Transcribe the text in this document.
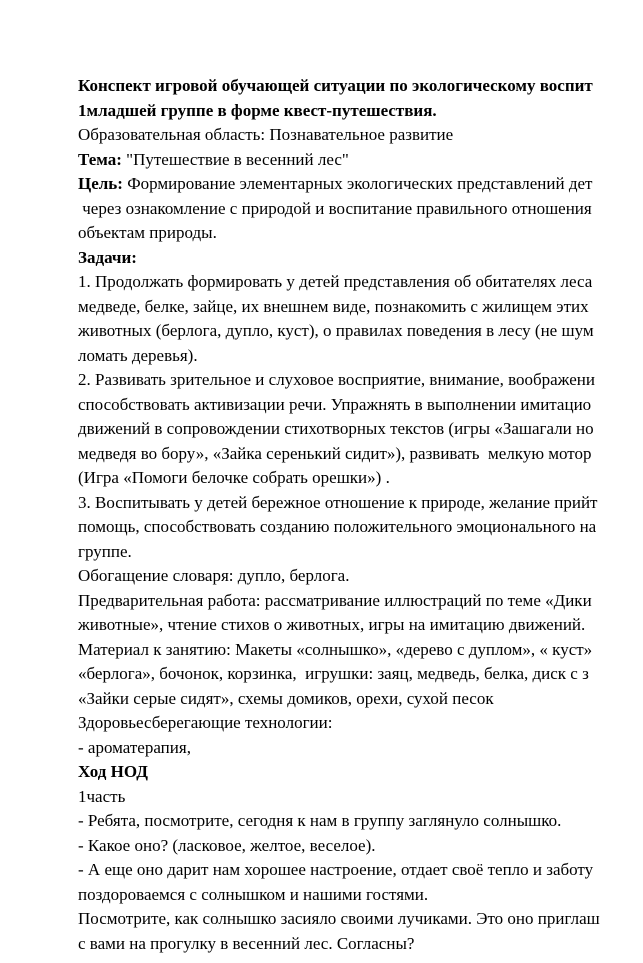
Конспект игровой обучающей ситуации по экологическому воспит
1младшей группе в форме квест-путешествия.
Образовательная область: Познавательное развитие
Тема: "Путешествие в весенний лес"
Цель: Формирование элементарных экологических представлений дет
через ознакомление с природой и воспитание правильного отношения
объектам природы.
Задачи:
1. Продолжать формировать у детей представления об обитателях леса
медведе, белке, зайце, их внешнем виде, познакомить с жилищем этих
животных (берлога, дупло, куст), о правилах поведения в лесу (не шум
ломать деревья).
2. Развивать зрительное и слуховое восприятие, внимание, воображени
способствовать активизации речи. Упражнять в выполнении имитацио
движений в сопровождении стихотворных текстов (игры «Зашагали но
медведя во бору», «Зайка серенький сидит»), развивать  мелкую мотор
(Игра «Помоги белочке собрать орешки») .
3. Воспитывать у детей бережное отношение к природе, желание прийт
помощь, способствовать созданию положительного эмоционального на
группе.
Обогащение словаря: дупло, берлога.
Предварительная работа: рассматривание иллюстраций по теме «Дики
животные», чтение стихов о животных, игры на имитацию движений.
Материал к занятию: Макеты «солнышко», «дерево с дуплом», « куст»
«берлога», бочонок, корзинка,  игрушки: заяц, медведь, белка, диск с з
«Зайки серые сидят», схемы домиков, орехи, сухой песок
Здоровьесберегающие технологии:
- ароматерапия,
Ход НОД
1часть
- Ребята, посмотрите, сегодня к нам в группу заглянуло солнышко.
- Какое оно? (ласковое, желтое, веселое).
- А еще оно дарит нам хорошее настроение, отдает своё тепло и заботу
поздороваемся с солнышком и нашими гостями.
Посмотрите, как солнышко засияло своими лучиками. Это оно приглаш
с вами на прогулку в весенний лес. Согласны?
